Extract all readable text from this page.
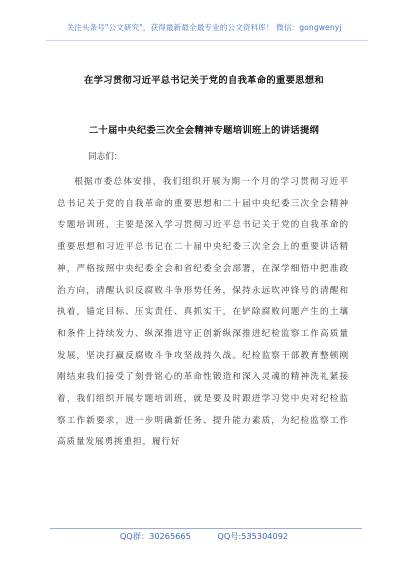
关注头条号"公文研究"，获得最新最全最专业的公文资料库！ 微信：gongwenyj
在学习贯彻习近平总书记关于党的自我革命的重要思想和
二十届中央纪委三次全会精神专题培训班上的讲话提纲
同志们：

根据市委总体安排，我们组织开展为期一个月的学习贯彻习近平总书记关于党的自我革命的重要思想和二十届中央纪委三次全会精神专题培训班，主要是深入学习贯彻习近平总书记关于党的自我革命的重要思想和习近平总书记在二十届中央纪委三次全会上的重要讲话精神，严格按照中央纪委全会和省纪委全会部署，在深学细悟中把准政治方向，清醒认识反腐败斗争形势任务，保持永远吹冲锋号的清醒和执着，锚定目标、压实责任、真抓实干，在铲除腐败问题产生的土壤和条件上持续发力、纵深推进守正创新纵深推进纪检监察工作高质量发展，坚决打赢反腐败斗争攻坚战持久战。纪检监察干部教育整顿刚刚结束我们接受了刻骨铭心的革命性锻造和深入灵魂的精神洗礼紧接着，我们组织开展专题培训班，就是要及时跟进学习党中央对纪检监察工作新要求，进一步明确新任务、提升能力素质，为纪检监察工作高质量发展勇挑重担，履行好

QQ群：30265665	QQ号:535304092
